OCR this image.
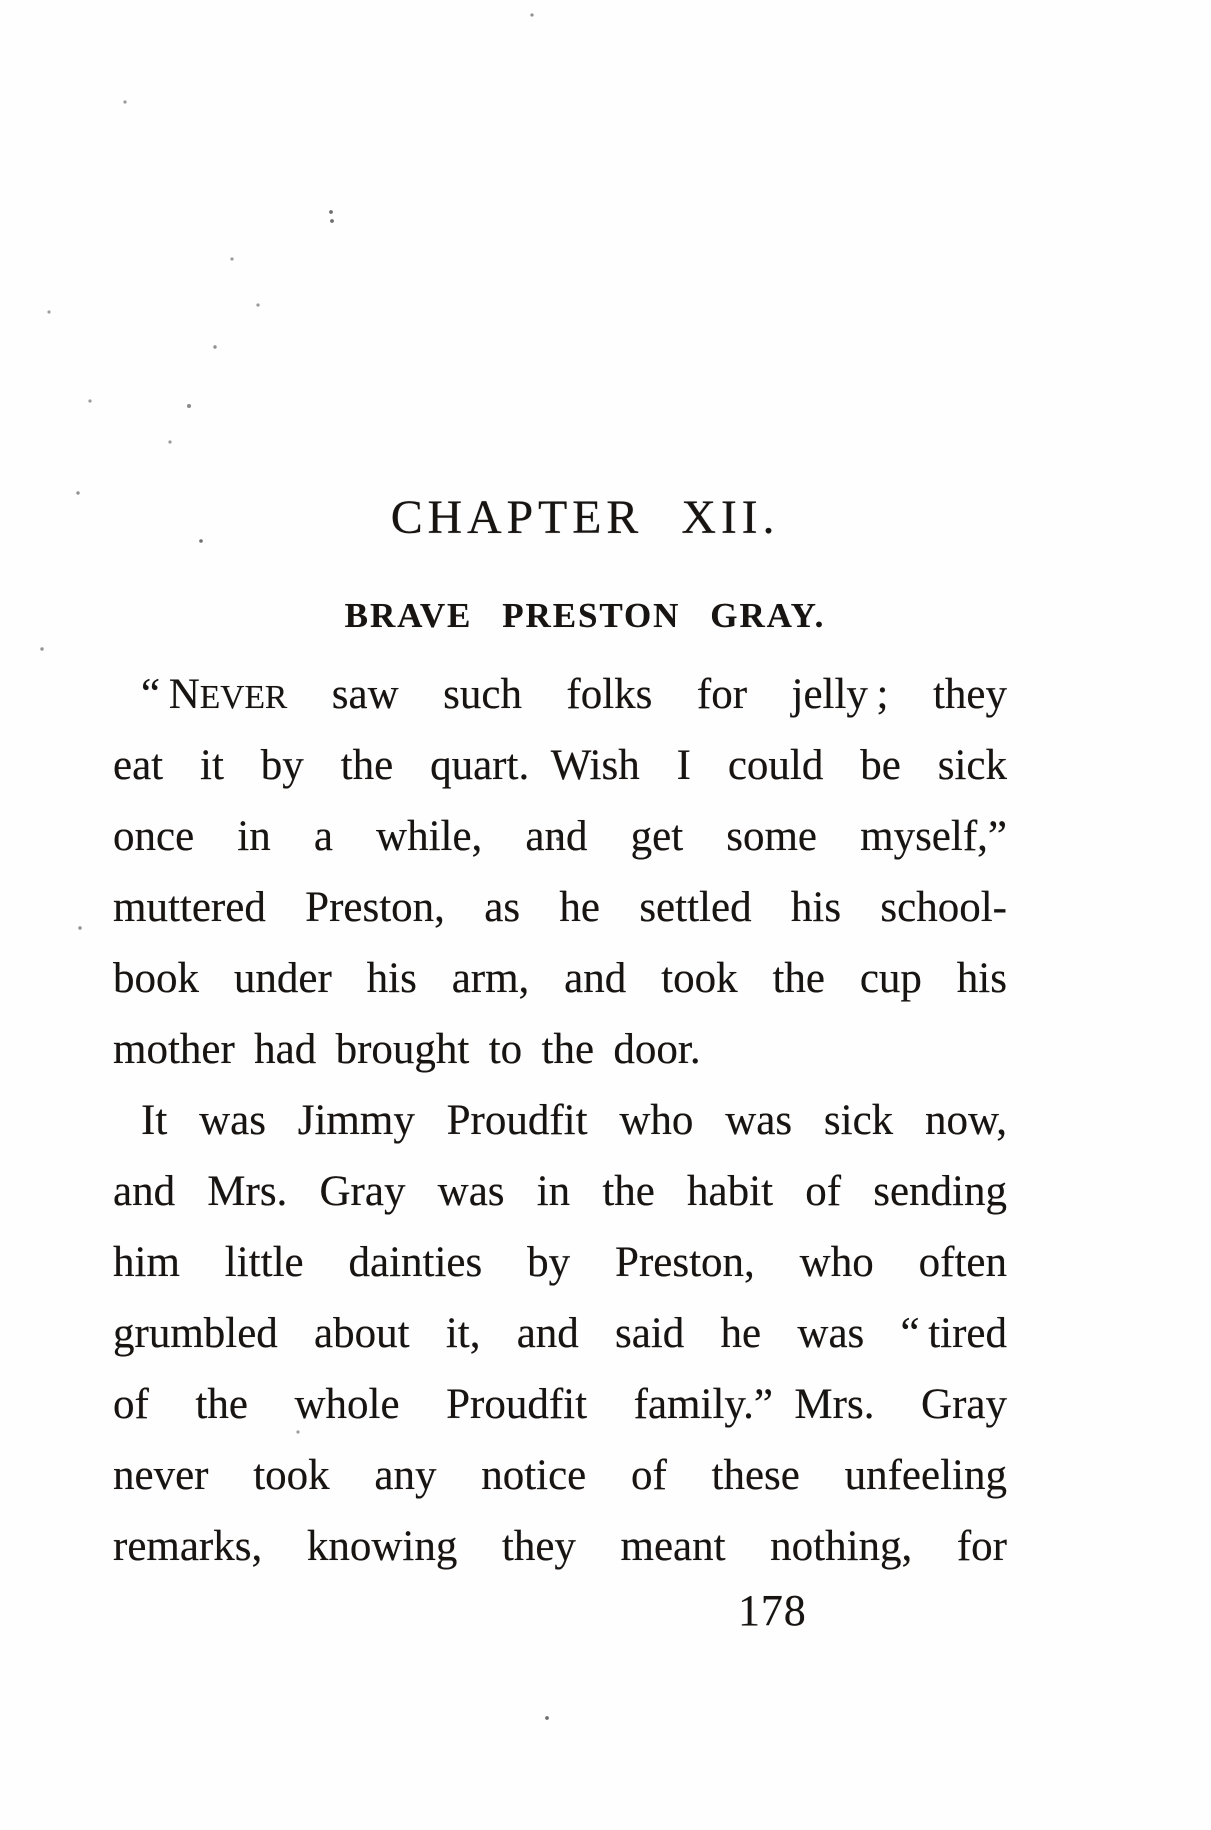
CHAPTER XII.
BRAVE PRESTON GRAY.
“ NEVER saw such folks for jelly ; they
eat it by the quart. Wish I could be sick
once in a while, and get some myself,”
muttered Preston, as he settled his school-
book under his arm, and took the cup his
mother had brought to the door.
It was Jimmy Proudfit who was sick now,
and Mrs. Gray was in the habit of sending
him little dainties by Preston, who often
grumbled about it, and said he was “ tired
of the whole Proudfit family.” Mrs. Gray
never took any notice of these unfeeling
remarks, knowing they meant nothing, for
178
